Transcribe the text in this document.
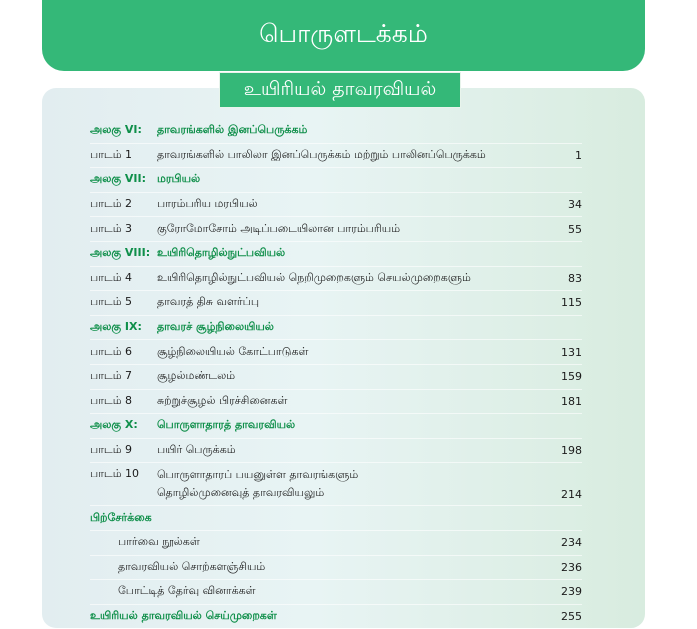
பொருளடக்கம்
உயிரியல் தாவரவியல்
அலகு VI:	தாவரங்களில் இனப்பெருக்கம்
பாடம் 1	தாவரங்களில் பாலிலா இனப்பெருக்கம் மற்றும் பாலினப்பெருக்கம்	1
அலகு VII:	மரபியல்
பாடம் 2	பாரம்பரிய மரபியல்	34
பாடம் 3	குரோமோசோம் அடிப்படையிலான பாரம்பரியம்	55
அலகு VIII: உயிரிதொழில்நுட்பவியல்
பாடம் 4	உயிரிதொழில்நுட்பவியல் நெறிமுறைகளும் செயல்முறைகளும்	83
பாடம் 5	தாவரத் திசு வளர்ப்பு	115
அலகு IX:	தாவரச் சூழ்நிலையியல்
பாடம் 6	சூழ்நிலையியல் கோட்பாடுகள்	131
பாடம் 7	சூழல்மண்டலம்	159
பாடம் 8	சுற்றுச்சூழல் பிரச்சினைகள்	181
அலகு X:	பொருளாதாரத் தாவரவியல்
பாடம் 9	பயிர் பெருக்கம்	198
பாடம் 10	பொருளாதாரப் பயனுள்ள தாவரங்களும்
தொழில்முனைவுத் தாவரவியலும்	214
பிற்சேர்க்கை
பார்வை நூல்கள்	234
தாவரவியல் சொற்களஞ்சியம்	236
போட்டித் தேர்வு வினாக்கள்	239
உயிரியல் தாவரவியல் செய்முறைகள்	255
